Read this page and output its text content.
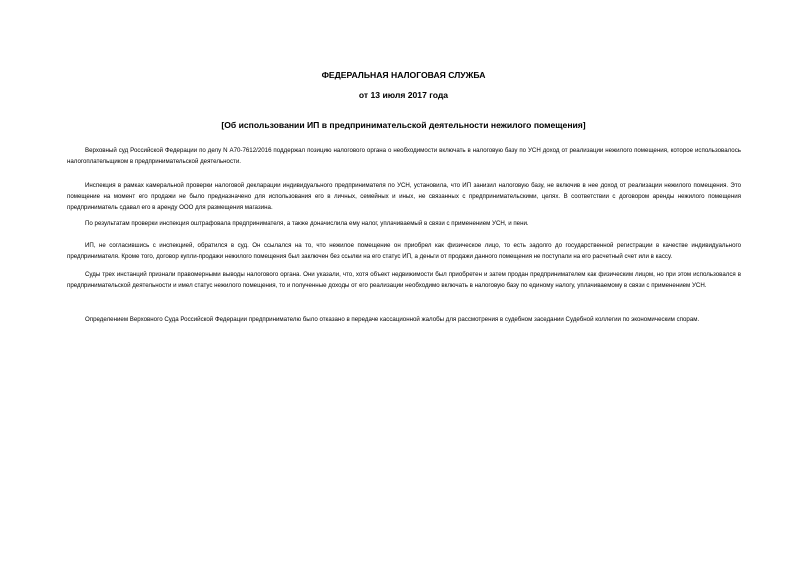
ФЕДЕРАЛЬНАЯ НАЛОГОВАЯ СЛУЖБА
от 13 июля 2017 года
[Об использовании ИП в предпринимательской деятельности нежилого помещения]

Верховный суд Российской Федерации по делу N А70-7612/2016 поддержал позицию налогового органа о необходимости включать в налоговую базу по УСН доход от реализации нежилого помещения, которое использовалось налогоплательщиком в предпринимательской деятельности.

Инспекция в рамках камеральной проверки налоговой декларации индивидуального предпринимателя по УСН, установила, что ИП занизил налоговую базу, не включив в нее доход от реализации нежилого помещения. Это помещение на момент его продажи не было предназначено для использования его в личных, семейных и иных, не связанных с предпринимательскими, целях. В соответствии с договором аренды нежилого помещения предприниматель сдавал его в аренду ООО для размещения магазина.

По результатам проверки инспекция оштрафовала предпринимателя, а также доначислила ему налог, уплачиваемый в связи с применением УСН, и пени.

ИП, не согласившись с инспекцией, обратился в суд. Он ссылался на то, что нежилое помещение он приобрел как физическое лицо, то есть задолго до государственной регистрации в качестве индивидуального предпринимателя. Кроме того, договор купли-продажи нежилого помещения был заключен без ссылки на его статус ИП, а деньги от продажи данного помещения не поступали на его расчетный счет или в кассу.

Суды трех инстанций признали правомерными выводы налогового органа. Они указали, что, хотя объект недвижимости был приобретен и затем продан предпринимателем как физическим лицом, но при этом использовался в предпринимательской деятельности и имел статус нежилого помещения, то и полученные доходы от его реализации необходимо включать в налоговую базу по единому налогу, уплачиваемому в связи с применением УСН.

Определением Верховного Суда Российской Федерации предпринимателю было отказано в передаче кассационной жалобы для рассмотрения в судебном заседании Судебной коллегии по экономическим спорам.
